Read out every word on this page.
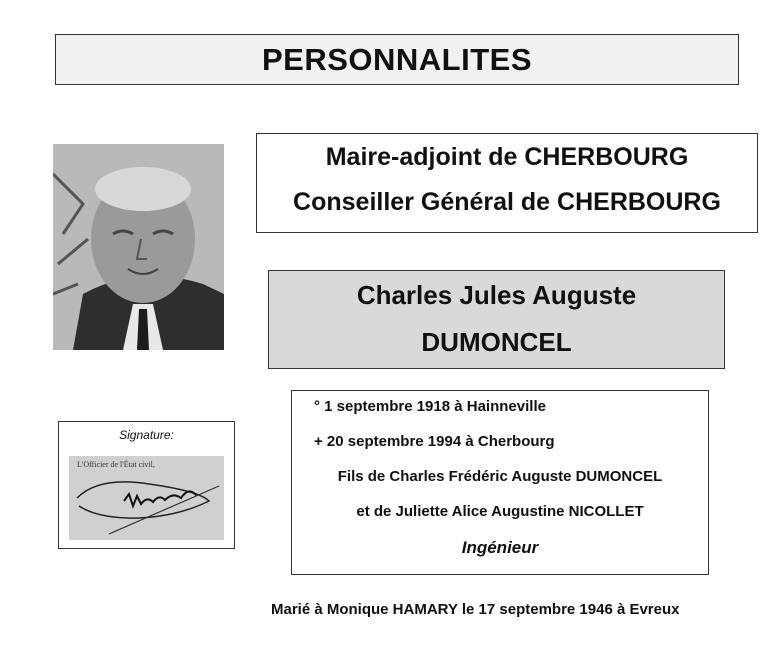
PERSONNALITES
Maire-adjoint de CHERBOURG
Conseiller Général de CHERBOURG
Charles Jules Auguste
DUMONCEL
Signature:
L'Officier de l'État civil,
° 1 septembre 1918 à Hainneville
+ 20 septembre 1994 à Cherbourg
Fils de Charles Frédéric Auguste DUMONCEL
et de Juliette Alice Augustine NICOLLET
Ingénieur
Marié à Monique HAMARY le 17 septembre 1946 à Evreux
